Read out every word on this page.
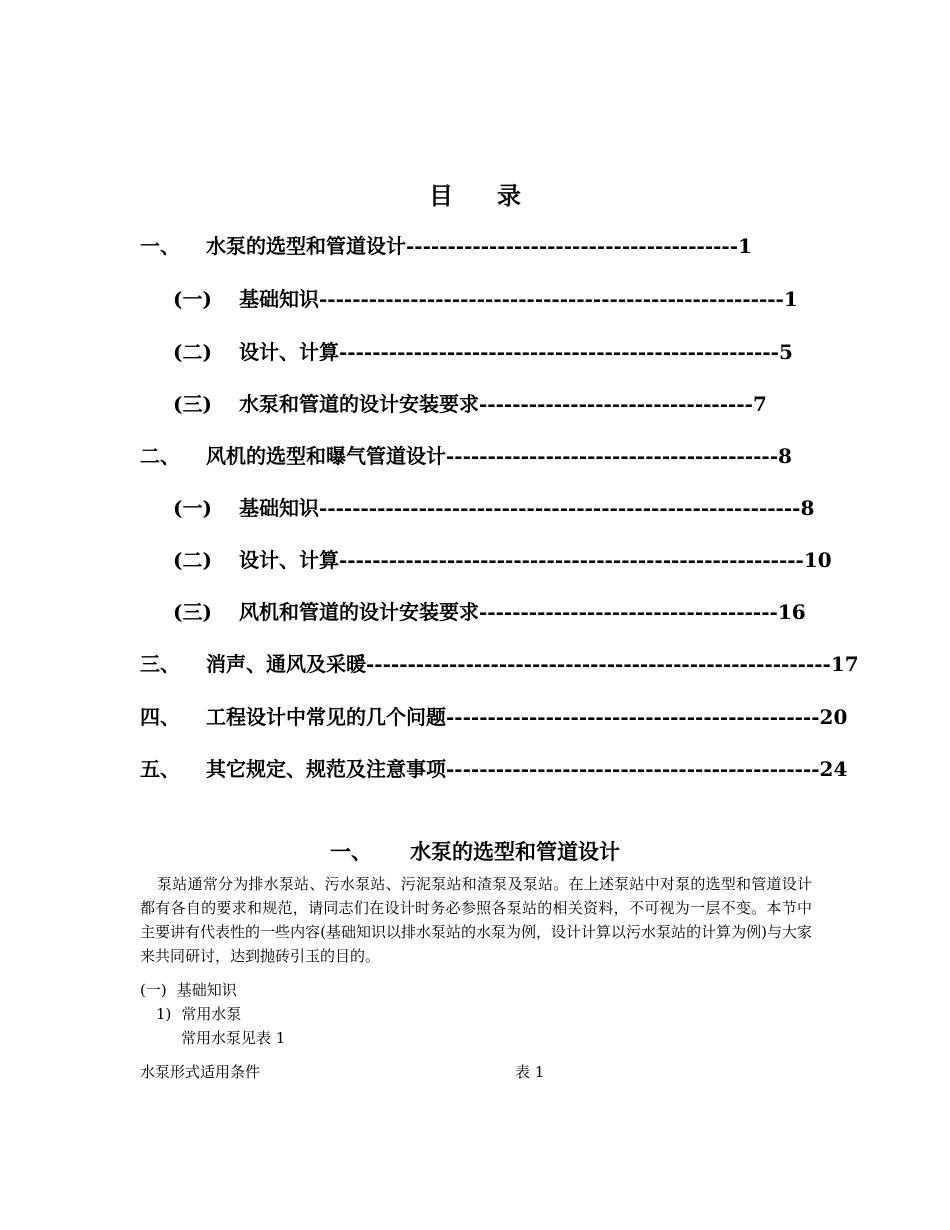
目 录
一、 水泵的选型和管道设计----------------------------------------1
(一) 基础知识--------------------------------------------------------1
(二) 设计、计算-----------------------------------------------------5
(三) 水泵和管道的设计安装要求---------------------------------7
二、 风机的选型和曝气管道设计----------------------------------------8
(一) 基础知识----------------------------------------------------------8
(二) 设计、计算--------------------------------------------------------10
(三) 风机和管道的设计安装要求------------------------------------16
三、 消声、通风及采暖--------------------------------------------------------17
四、 工程设计中常见的几个问题---------------------------------------------20
五、 其它规定、规范及注意事项---------------------------------------------24
一、 水泵的选型和管道设计
泵站通常分为排水泵站、污水泵站、污泥泵站和渣泵及泵站。在上述泵站中对泵的选型和管道设计都有各自的要求和规范，请同志们在设计时务必参照各泵站的相关资料，不可视为一层不变。本节中主要讲有代表性的一些内容(基础知识以排水泵站的水泵为例，设计计算以污水泵站的计算为例)与大家来共同研讨，达到抛砖引玉的目的。
(一) 基础知识
1) 常用水泵
常用水泵见表 1
水泵形式适用条件	表 1
